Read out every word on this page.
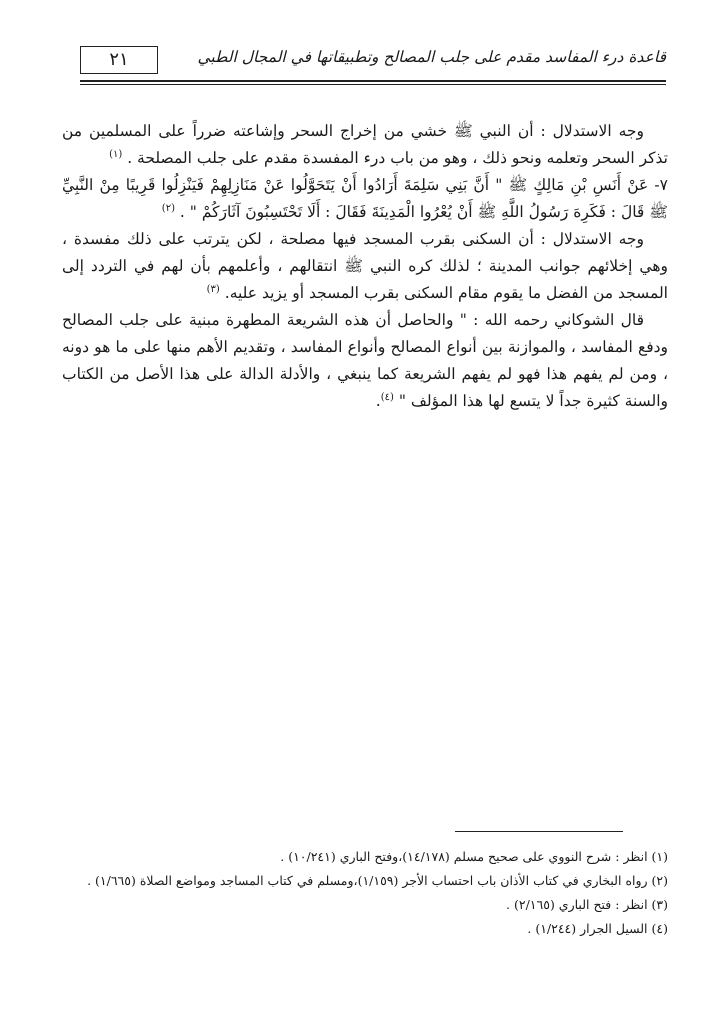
٢١	قاعدة درء المفاسد مقدم على جلب المصالح وتطبيقاتها في المجال الطبي

وجه الاستدلال : أن النبي ﷺ خشي من إخراج السحر وإشاعته ضرراً على المسلمين من تذكر السحر وتعلمه ونحو ذلك ، وهو من باب درء المفسدة مقدم على جلب المصلحة . $^{(١)}$

٧- عَنْ أَنَسِ بْنِ مَالِكٍ ﷺ " أَنَّ بَنِي سَلِمَةَ أَرَادُوا أَنْ يَتَحَوَّلُوا عَنْ مَنَازِلِهِمْ فَيَنْزِلُوا قَرِيبًا مِنْ النَّبِيِّ ﷺ قَالَ : فَكَرِهَ رَسُولُ اللَّهِ ﷺ أَنْ يُعْرُوا الْمَدِينَةَ فَقَالَ : أَلَا تَحْتَسِبُونَ آثَارَكُمْ " . $^{(٢)}$

وجه الاستدلال : أن السكنى بقرب المسجد فيها مصلحة ، لكن يترتب على ذلك مفسدة ، وهي إخلائهم جوانب المدينة ؛ لذلك كره النبي ﷺ انتقالهم ، وأعلمهم بأن لهم في التردد إلى المسجد من الفضل ما يقوم مقام السكنى بقرب المسجد أو يزيد عليه. $^{(٣)}$

قال الشوكاني رحمه الله : " والحاصل أن هذه الشريعة المطهرة مبنية على جلب المصالح ودفع المفاسد ، والموازنة بين أنواع المصالح وأنواع المفاسد ، وتقديم الأهم منها على ما هو دونه ، ومن لم يفهم هذا فهو لم يفهم الشريعة كما ينبغي ، والأدلة الدالة على هذا الأصل من الكتاب والسنة كثيرة جداً لا يتسع لها هذا المؤلف " $^{(٤)}$.

(١) انظر : شرح النووي على صحيح مسلم (١٤/١٧٨)،وفتح الباري (١٠/٢٤١) .

(٢) رواه البخاري في كتاب الأذان باب احتساب الأجر (١/١٥٩)،ومسلم في كتاب المساجد ومواضع الصلاة (١/٦٦٥) .

(٣) انظر : فتح الباري (٢/١٦٥) .

(٤) السيل الجرار (١/٢٤٤) .
